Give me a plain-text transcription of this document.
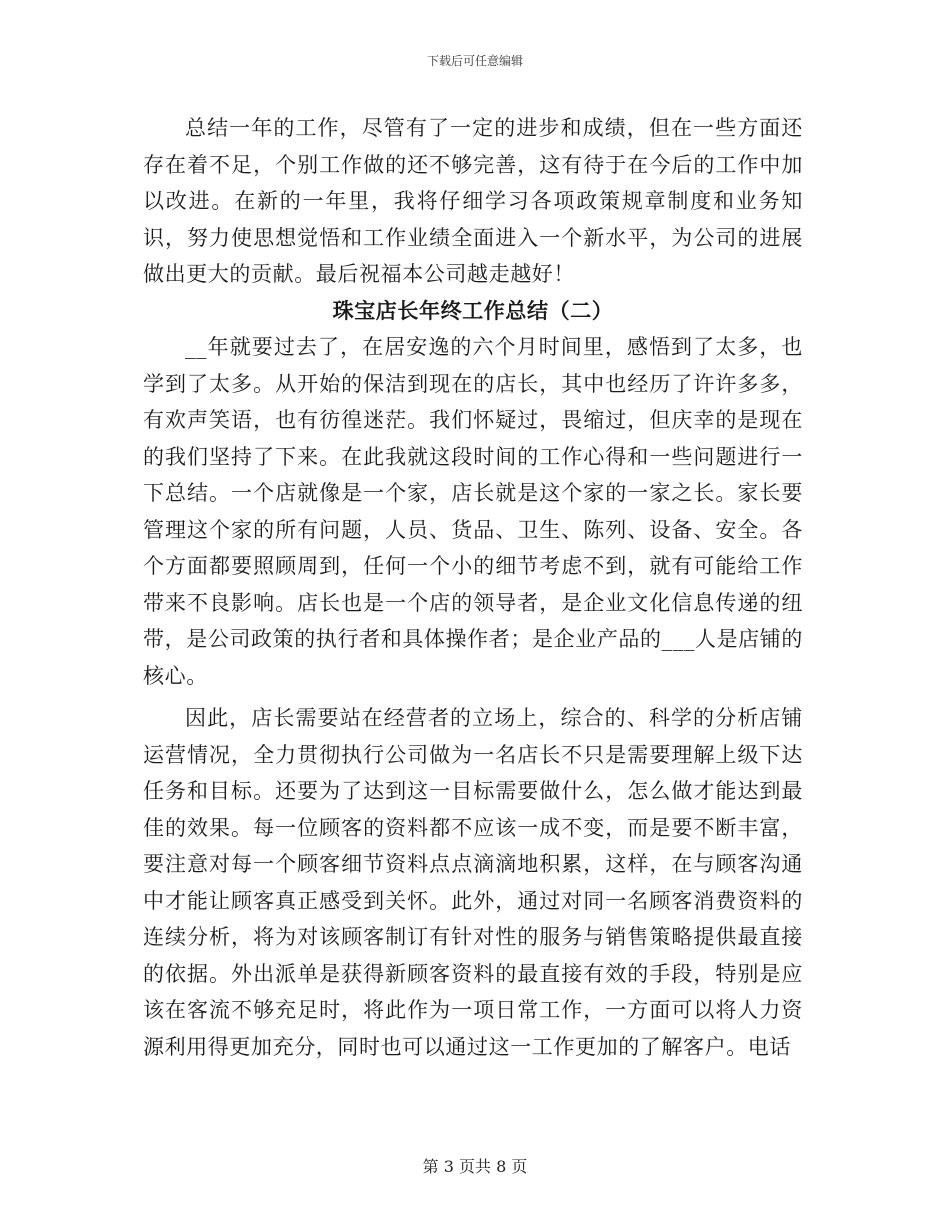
下载后可任意编辑

总结一年的工作，尽管有了一定的进步和成绩，但在一些方面还存在着不足，个别工作做的还不够完善，这有待于在今后的工作中加以改进。在新的一年里，我将仔细学习各项政策规章制度和业务知识，努力使思想觉悟和工作业绩全面进入一个新水平，为公司的进展做出更大的贡献。最后祝福本公司越走越好！

珠宝店长年终工作总结（二）

__年就要过去了，在居安逸的六个月时间里，感悟到了太多，也学到了太多。从开始的保洁到现在的店长，其中也经历了许许多多，有欢声笑语，也有彷徨迷茫。我们怀疑过，畏缩过，但庆幸的是现在的我们坚持了下来。在此我就这段时间的工作心得和一些问题进行一下总结。一个店就像是一个家，店长就是这个家的一家之长。家长要管理这个家的所有问题，人员、货品、卫生、陈列、设备、安全。各个方面都要照顾周到，任何一个小的细节考虑不到，就有可能给工作带来不良影响。店长也是一个店的领导者，是企业文化信息传递的纽带，是公司政策的执行者和具体操作者；是企业产品的___人是店铺的核心。

因此，店长需要站在经营者的立场上，综合的、科学的分析店铺运营情况，全力贯彻执行公司做为一名店长不只是需要理解上级下达任务和目标。还要为了达到这一目标需要做什么，怎么做才能达到最佳的效果。每一位顾客的资料都不应该一成不变，而是要不断丰富，要注意对每一个顾客细节资料点点滴滴地积累，这样，在与顾客沟通中才能让顾客真正感受到关怀。此外，通过对同一名顾客消费资料的连续分析，将为对该顾客制订有针对性的服务与销售策略提供最直接的依据。外出派单是获得新顾客资料的最直接有效的手段，特别是应该在客流不够充足时，将此作为一项日常工作，一方面可以将人力资源利用得更加充分，同时也可以通过这一工作更加的了解客户。电话

第 3 页共 8 页
